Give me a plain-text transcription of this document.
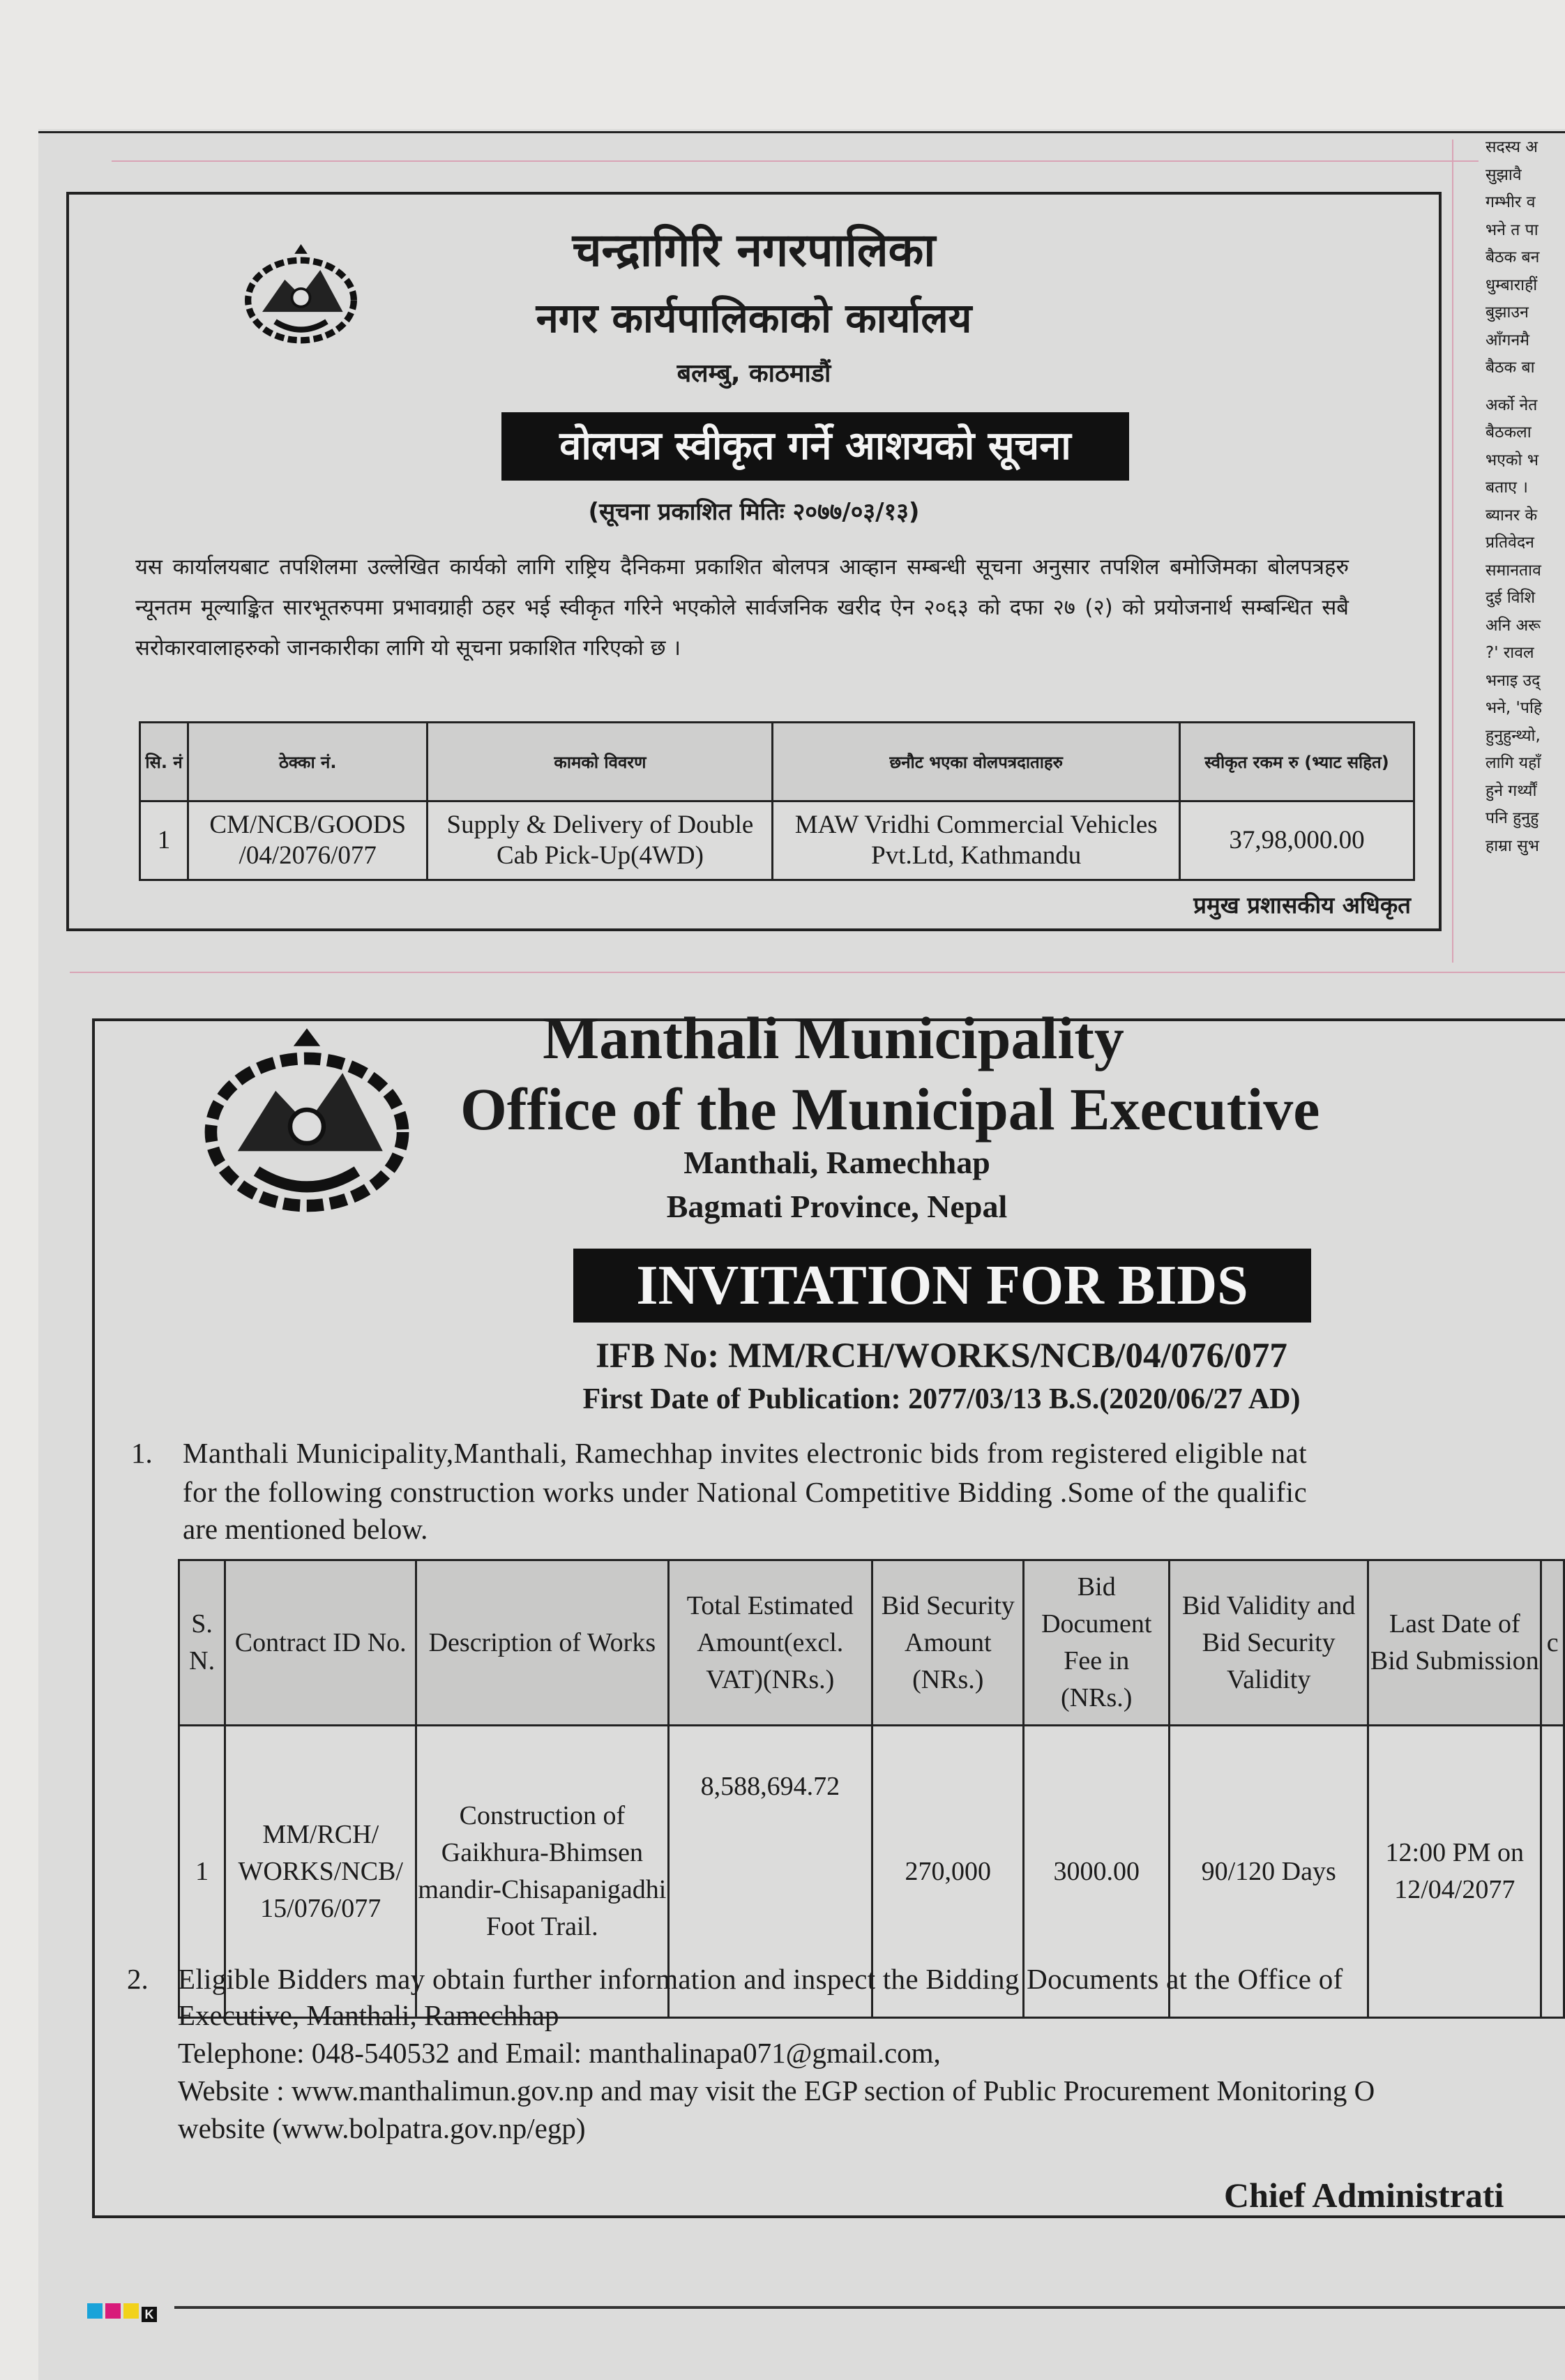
सदस्य अ
सुझावै
गम्भीर व
भने त पा
बैठक बन
धुम्बाराहीं
बुझाउन
आँगनमै
बैठक बा
अर्को नेत
बैठकला
भएको भ
बताए ।
ब्यानर के
प्रतिवेदन
समानताव
दुई विशि
अनि अरू
?' रावल
भनाइ उद्
भने, 'पहि
हुनुहुन्थ्यो,
लागि यहाँ
हुने गर्थ्यौं
पनि हुनुहु
हाम्रा सुभ
चन्द्रागिरि नगरपालिका
नगर कार्यपालिकाको कार्यालय
बलम्बु, काठमाडौं
वोलपत्र स्वीकृत गर्ने आशयको सूचना
(सूचना प्रकाशित मितिः २०७७/०३/१३)
यस कार्यालयबाट तपशिलमा उल्लेखित कार्यको लागि राष्ट्रिय दैनिकमा प्रकाशित बोलपत्र आव्हान सम्बन्धी सूचना अनुसार तपशिल बमोजिमका बोलपत्रहरु न्यूनतम मूल्याङ्कित सारभूतरुपमा प्रभावग्राही ठहर भई स्वीकृत गरिने भएकोले सार्वजनिक खरीद ऐन २०६३ को दफा २७ (२) को प्रयोजनार्थ सम्बन्धित सबै सरोकारवालाहरुको जानकारीका लागि यो सूचना प्रकाशित गरिएको छ ।
सि. नं	ठेक्का नं.	कामको विवरण	छनौट भएका वोलपत्रदाताहरु	स्वीकृत रकम रु (भ्याट सहित)
1	CM/NCB/GOODS /04/2076/077	Supply & Delivery of Double Cab Pick-Up(4WD)	MAW Vridhi Commercial Vehicles Pvt.Ltd, Kathmandu	37,98,000.00
प्रमुख प्रशासकीय अधिकृत
Manthali Municipality
Office of the Municipal Executive
Manthali, Ramechhap
Bagmati Province, Nepal
INVITATION FOR BIDS
IFB No: MM/RCH/WORKS/NCB/04/076/077
First Date of Publication: 2077/03/13 B.S.(2020/06/27 AD)
1. Manthali Municipality,Manthali, Ramechhap invites electronic bids from registered eligible nat
for the following construction works under National Competitive Bidding .Some of the qualific
are mentioned below.
S. N.	Contract ID No.	Description of Works	Total Estimated Amount(excl. VAT)(NRs.)	Bid Security Amount (NRs.)	Bid Document Fee in (NRs.)	Bid Validity and Bid Security Validity	Last Date of Bid Submission	c
1	MM/RCH/ WORKS/NCB/ 15/076/077	Construction of Gaikhura-Bhimsen mandir-Chisapanigadhi Foot Trail.	8,588,694.72	270,000	3000.00	90/120 Days	12:00 PM on 12/04/2077	
2. Eligible Bidders may obtain further information and inspect the Bidding Documents at the Office of
Executive, Manthali, Ramechhap
Telephone: 048-540532 and Email: manthalinapa071@gmail.com,
Website : www.manthalimun.gov.np and may visit the EGP section of Public Procurement Monitoring O
website (www.bolpatra.gov.np/egp)
Chief Administrati
K
